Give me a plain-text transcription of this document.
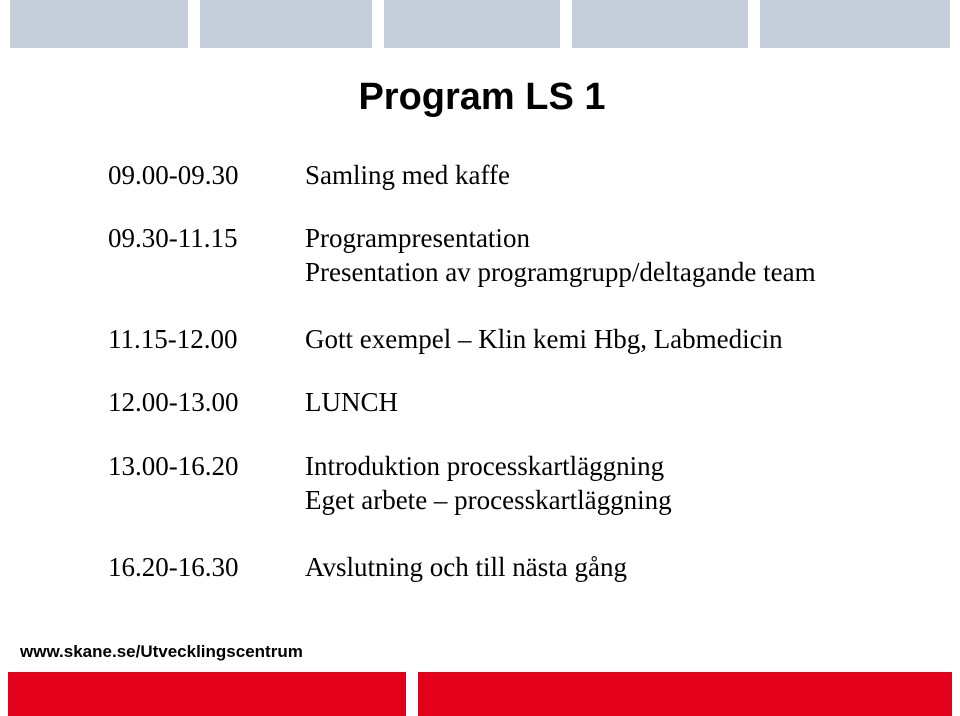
Program LS 1
09.00-09.30 Samling med kaffe
09.30-11.15	Programpresentation
Presentation av programgrupp/deltagande team
11.15-12.00	Gott exempel – Klin kemi Hbg, Labmedicin
12.00-13.00 LUNCH
13.00-16.20 Introduktion processkartläggning
Eget arbete – processkartläggning
16.20-16.30 Avslutning och till nästa gång
www.skane.se/Utvecklingscentrum
